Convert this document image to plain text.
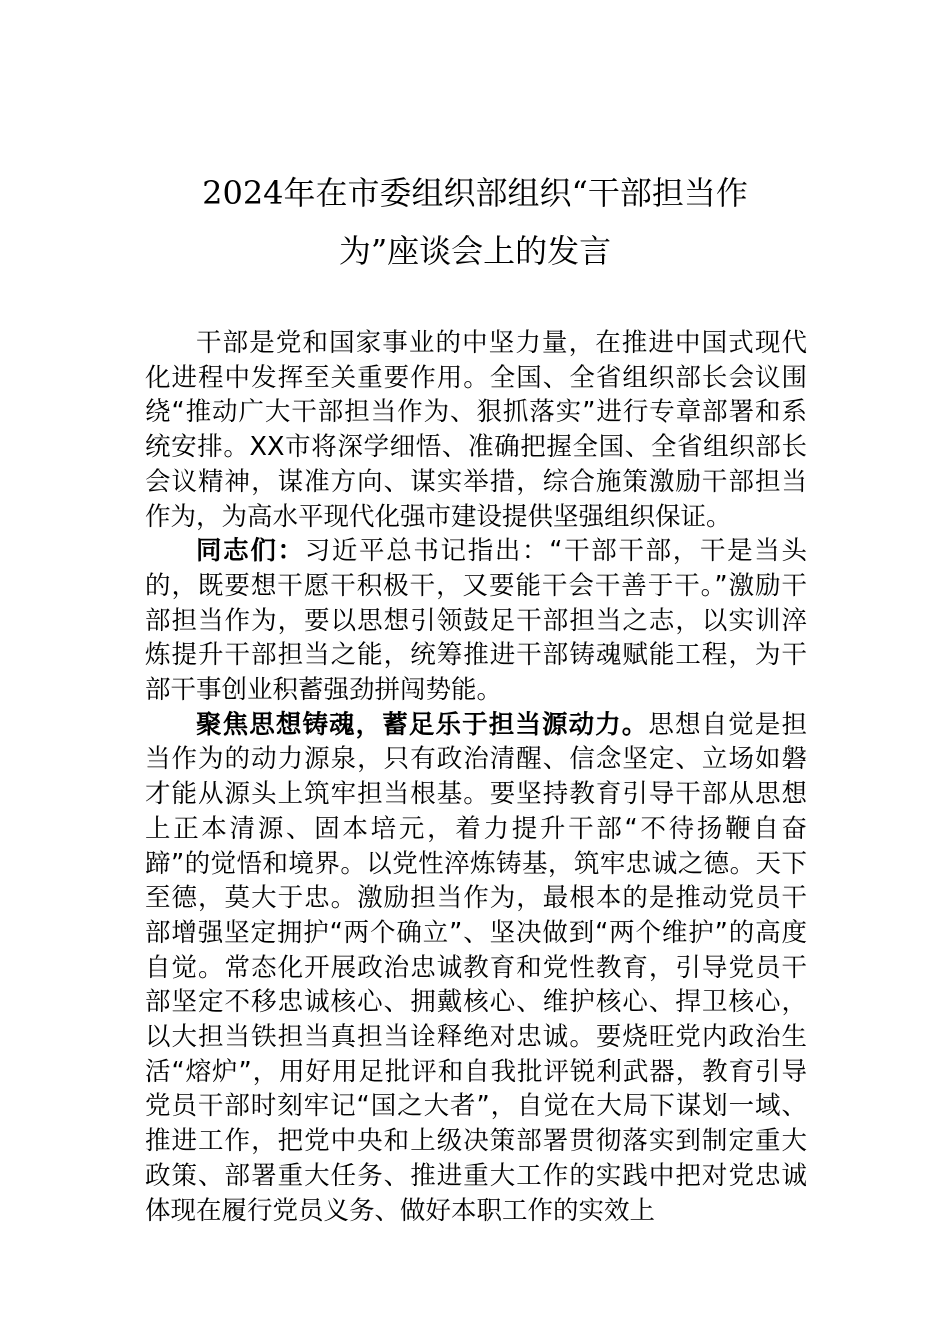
2024年在市委组织部组织“干部担当作
为”座谈会上的发言

干部是党和国家事业的中坚力量，在推进中国式现代化进程中发挥至关重要作用。全国、全省组织部长会议围绕“推动广大干部担当作为、狠抓落实”进行专章部署和系统安排。XX市将深学细悟、准确把握全国、全省组织部长会议精神，谋准方向、谋实举措，综合施策激励干部担当作为，为高水平现代化强市建设提供坚强组织保证。

同志们：习近平总书记指出：“干部干部，干是当头的，既要想干愿干积极干，又要能干会干善于干。”激励干部担当作为，要以思想引领鼓足干部担当之志，以实训淬炼提升干部担当之能，统筹推进干部铸魂赋能工程，为干部干事创业积蓄强劲拼闯势能。

聚焦思想铸魂，蓄足乐于担当源动力。思想自觉是担当作为的动力源泉，只有政治清醒、信念坚定、立场如磐才能从源头上筑牢担当根基。要坚持教育引导干部从思想上正本清源、固本培元，着力提升干部“不待扬鞭自奋蹄”的觉悟和境界。以党性淬炼铸基，筑牢忠诚之德。天下至德，莫大于忠。激励担当作为，最根本的是推动党员干部增强坚定拥护“两个确立”、坚决做到“两个维护”的高度自觉。常态化开展政治忠诚教育和党性教育，引导党员干部坚定不移忠诚核心、拥戴核心、维护核心、捍卫核心，以大担当铁担当真担当诠释绝对忠诚。要烧旺党内政治生活“熔炉”，用好用足批评和自我批评锐利武器，教育引导党员干部时刻牢记“国之大者”，自觉在大局下谋划一域、推进工作，把党中央和上级决策部署贯彻落实到制定重大政策、部署重大任务、推进重大工作的实践中把对党忠诚体现在履行党员义务、做好本职工作的实效上
